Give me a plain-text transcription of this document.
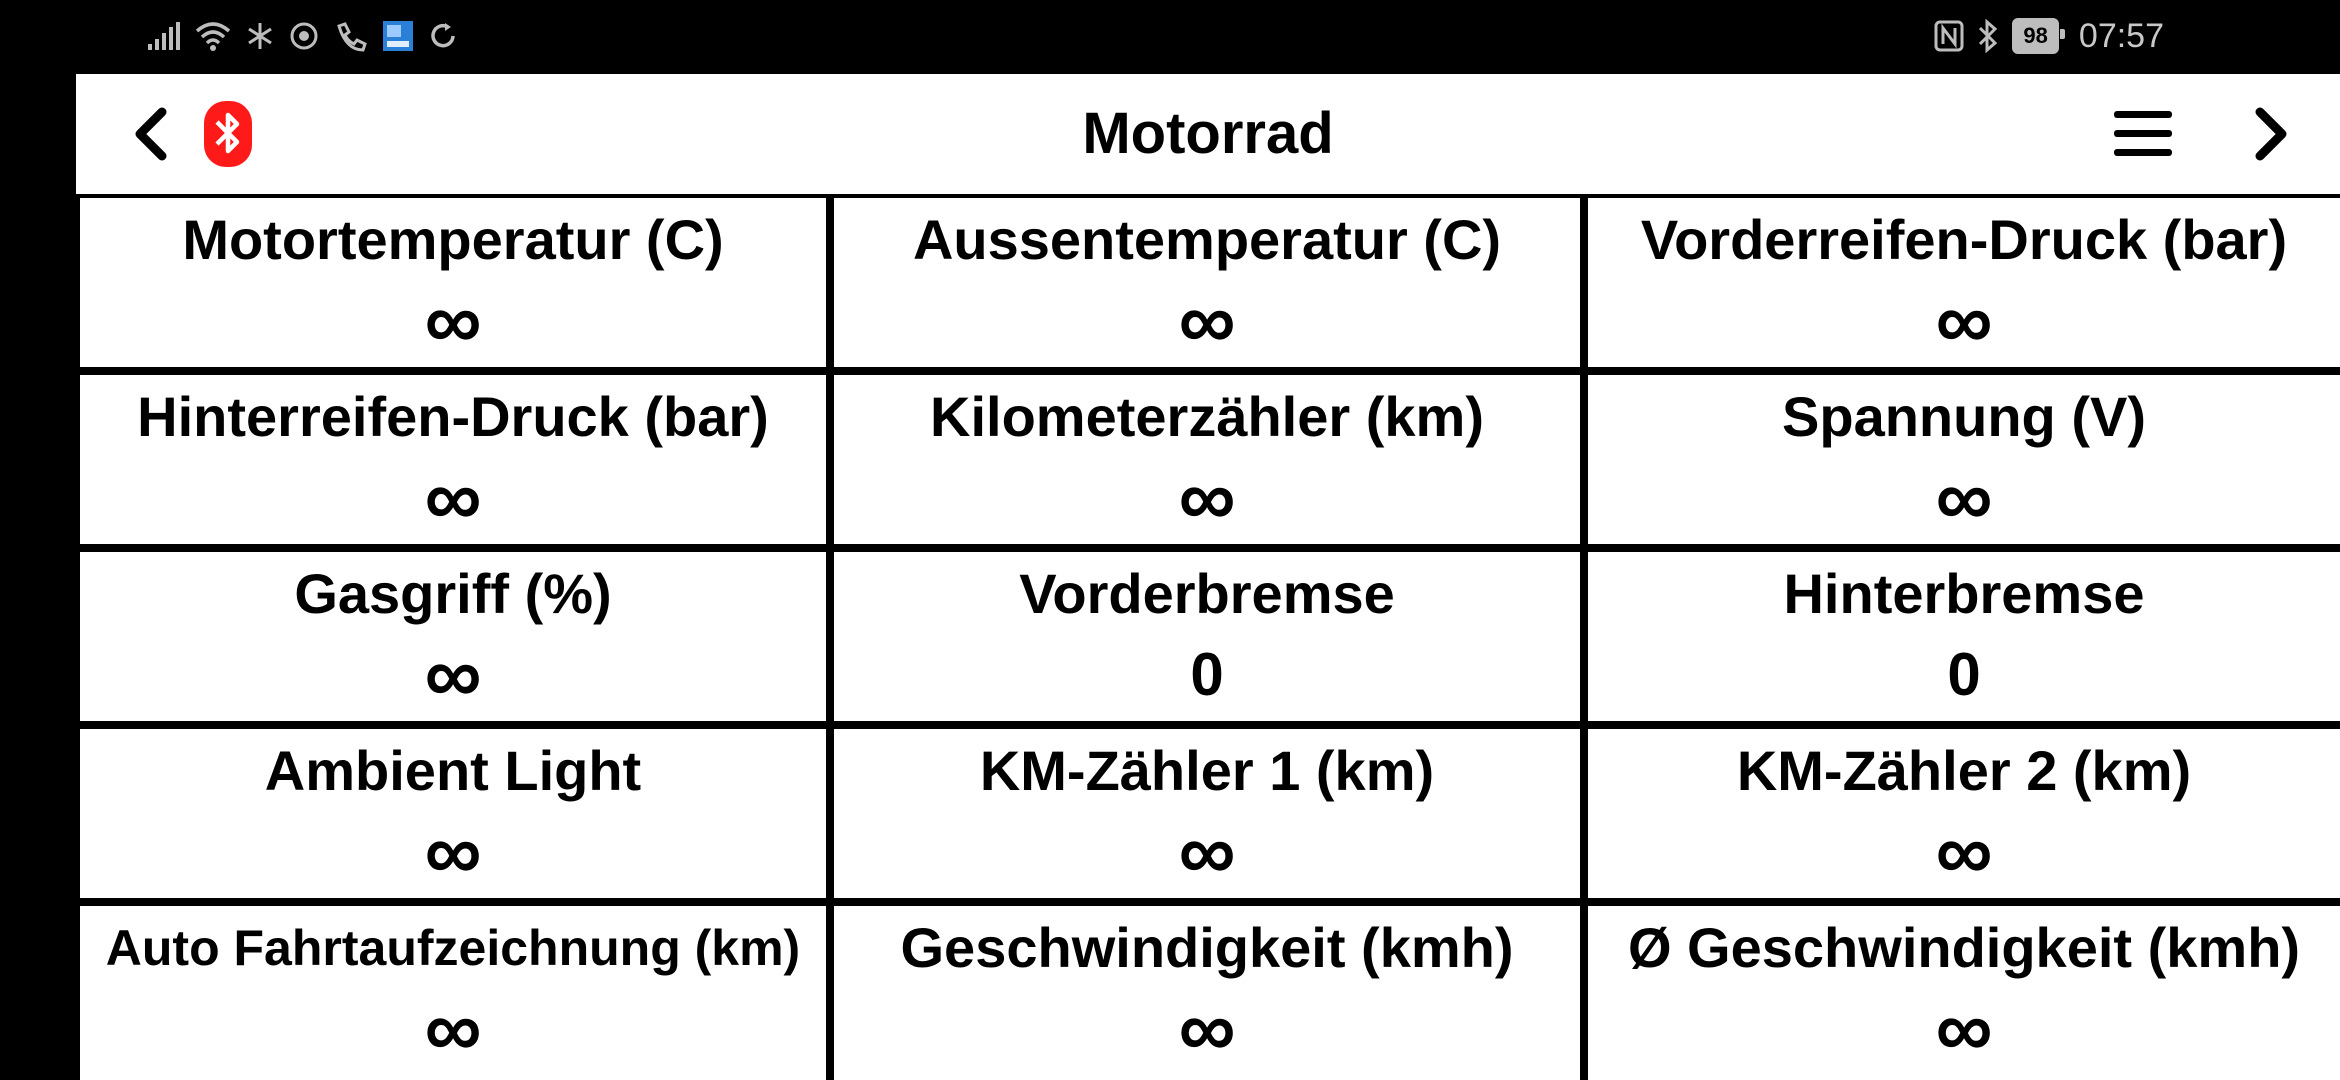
98 07:57
Motorrad
Motortemperatur (C)
∞
Aussentemperatur (C)
∞
Vorderreifen-Druck (bar)
∞
Hinterreifen-Druck (bar)
∞
Kilometerzähler (km)
∞
Spannung (V)
∞
Gasgriff (%)
∞
Vorderbremse
0
Hinterbremse
0
Ambient Light
∞
KM-Zähler 1 (km)
∞
KM-Zähler 2 (km)
∞
Auto Fahrtaufzeichnung (km)
∞
Geschwindigkeit (kmh)
∞
Ø Geschwindigkeit (kmh)
∞
